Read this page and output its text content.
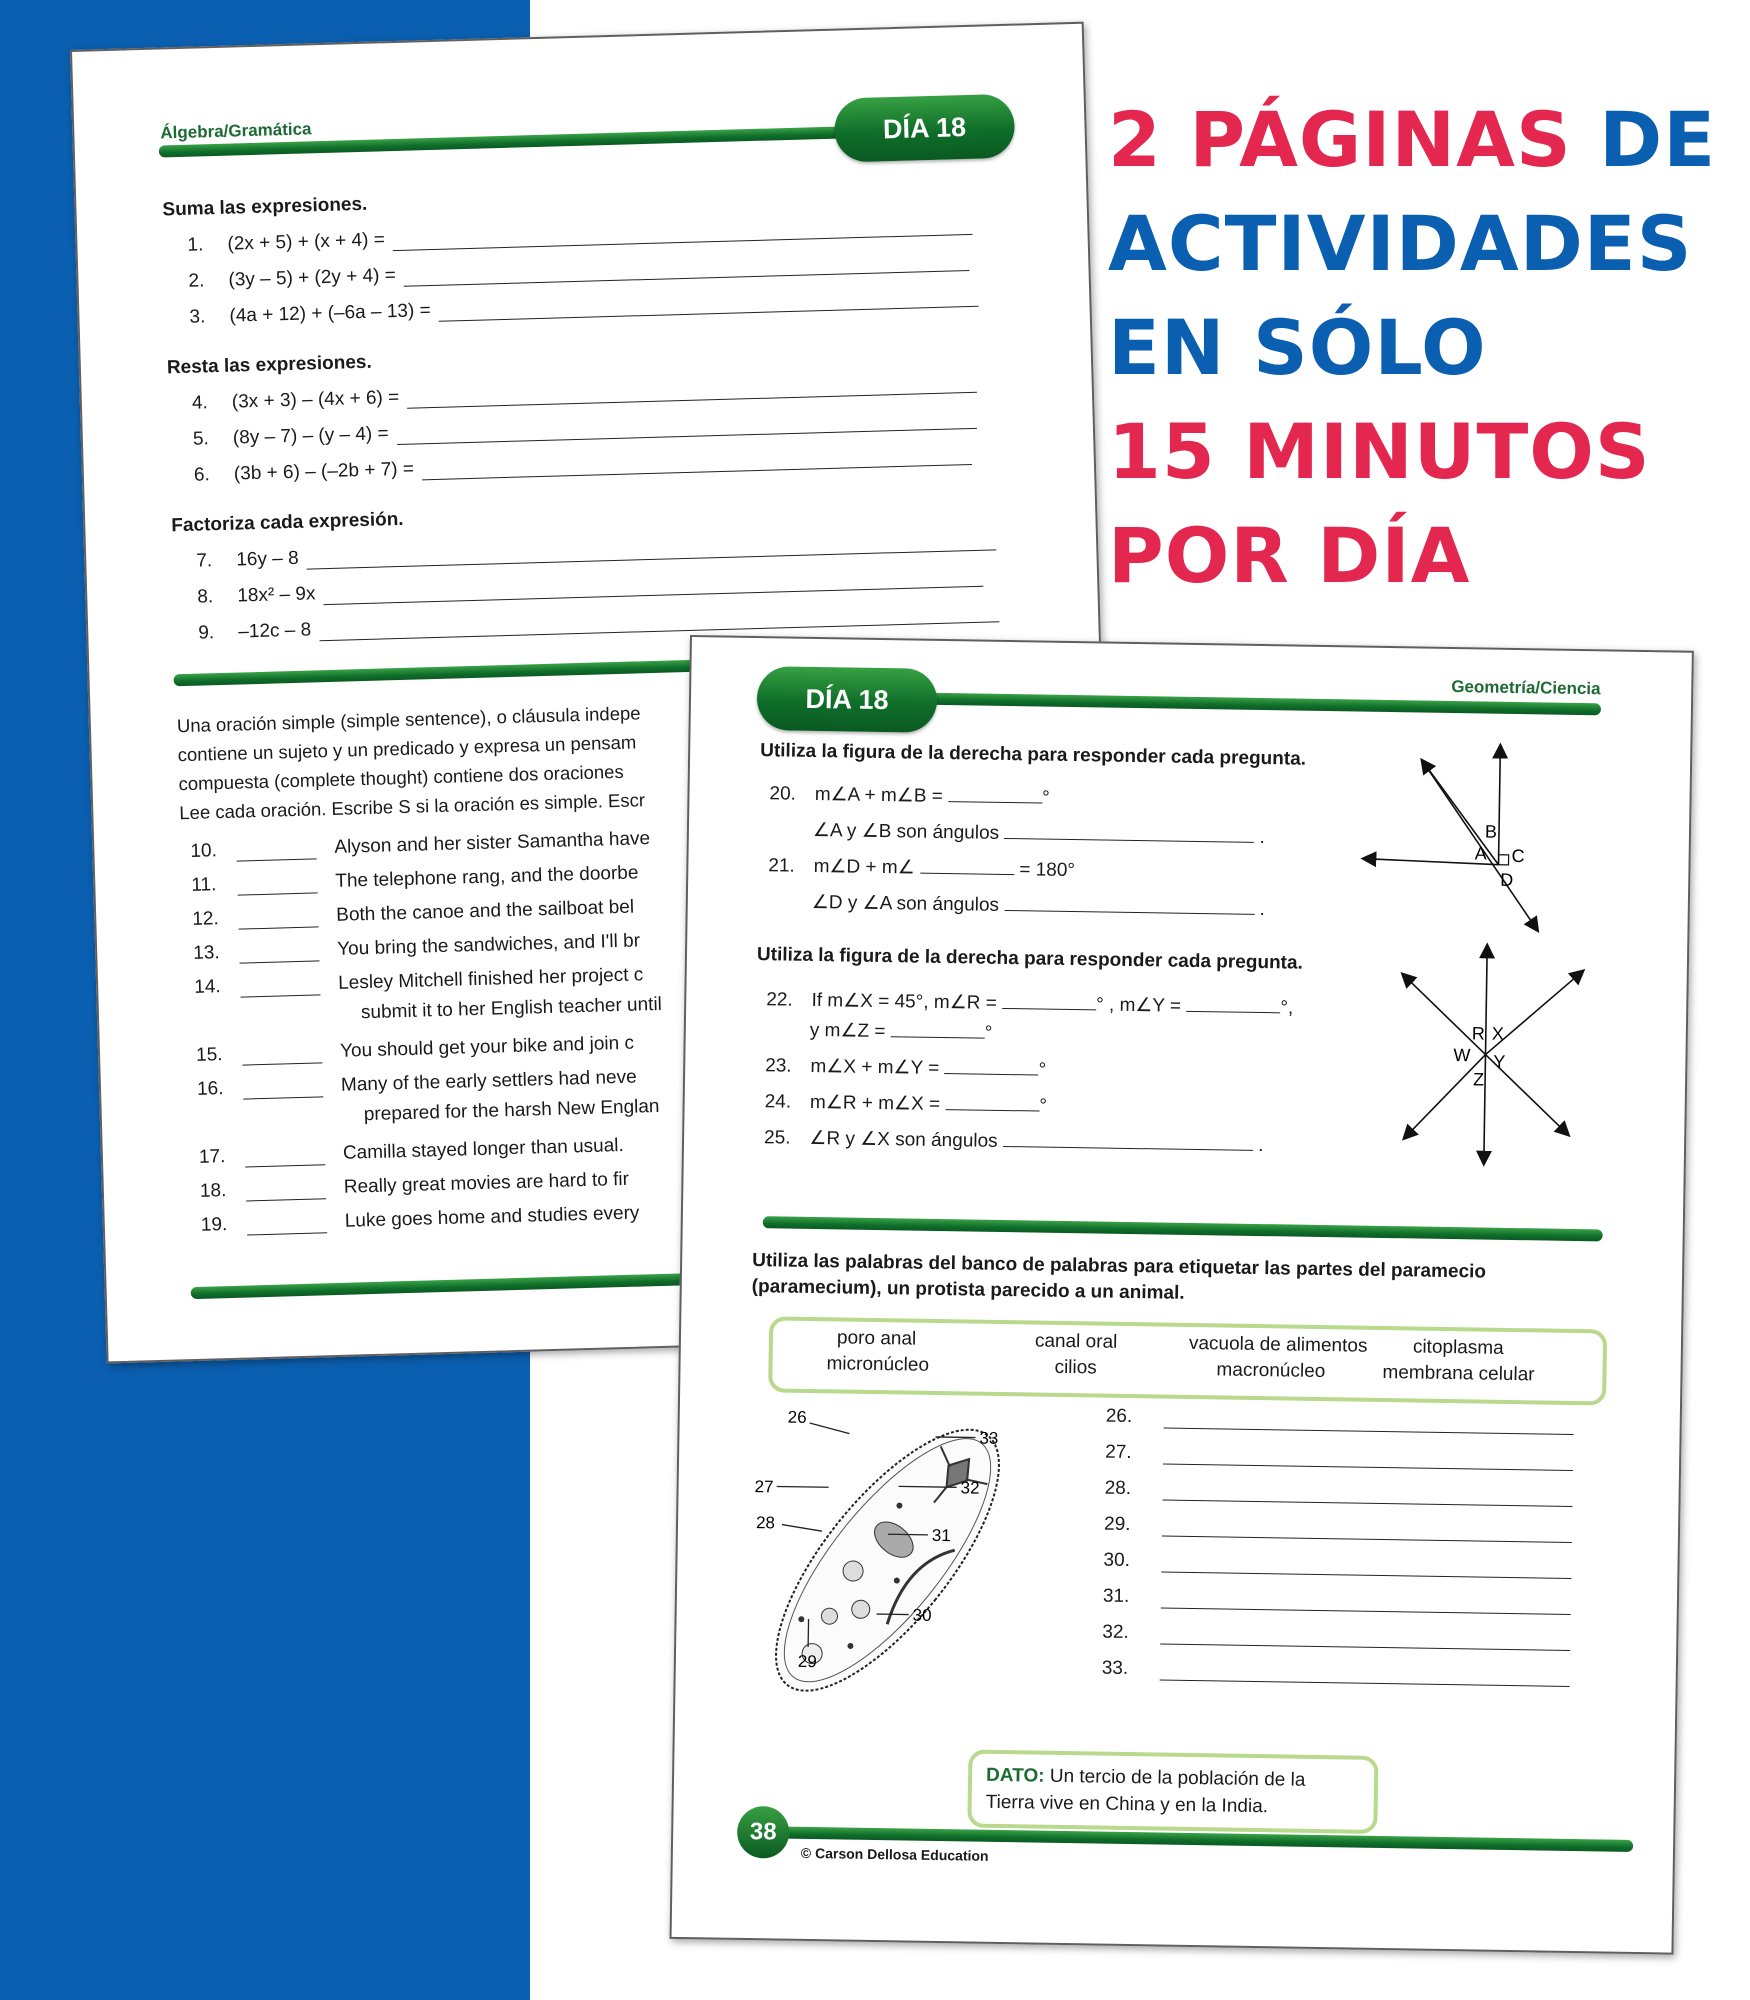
2 PÁGINAS DE
ACTIVIDADES
EN SÓLO
15 MINUTOS
POR DÍA
Álgebra/Gramática	DÍA 18
Suma las expresiones.
1.	(2x + 5) + (x + 4) =
2.	(3y – 5) + (2y + 4) =
3.	(4a + 12) + (–6a – 13) =
Resta las expresiones.
4.	(3x + 3) – (4x + 6) =
5.	(8y – 7) – (y – 4) =
6.	(3b + 6) – (–2b + 7) =
Factoriza cada expresión.
7.	16y – 8
8.	18x² – 9x
9.	–12c – 8
Una oración simple (simple sentence), o cláusula indepe
contiene un sujeto y un predicado y expresa un pensam
compuesta (complete thought) contiene dos oraciones
Lee cada oración. Escribe S si la oración es simple. Escr
10.	Alyson and her sister Samantha have
11.	The telephone rang, and the doorbe
12.	Both the canoe and the sailboat bel
13.	You bring the sandwiches, and I'll br
14.	Lesley Mitchell finished her project c
submit it to her English teacher until
15.	You should get your bike and join c
16.	Many of the early settlers had neve
prepared for the harsh New Englan
17.	Camilla stayed longer than usual.
18.	Really great movies are hard to fir
19.	Luke goes home and studies every
DÍA 18	Geometría/Ciencia
Utiliza la figura de la derecha para responder cada pregunta.
20. m∠A + m∠B =	°
∠A y ∠B son ángulos	.
21. m∠D + m∠	= 180°
∠D y ∠A son ángulos	.
A
B
C
D
Utiliza la figura de la derecha para responder cada pregunta.
22. If m∠X = 45°, m∠R =	° , m∠Y =	°,
y m∠Z =	°
23. m∠X + m∠Y =	°
24. m∠R + m∠X =	°
25. ∠R y ∠X son ángulos	.
R X
W Y
Z
Utiliza las palabras del banco de palabras para etiquetar las partes del paramecio
(paramecium), un protista parecido a un animal.
poro anal
micronúcleo
canal oral
cilios
vacuola de alimentos
macronúcleo
citoplasma
membrana celular
26
33
27	32
28
31
30
29
26.
27.
28.
29.
30.
31.
32.
33.
DATO: Un tercio de la población de la
Tierra vive en China y en la India.
38
© Carson Dellosa Education
